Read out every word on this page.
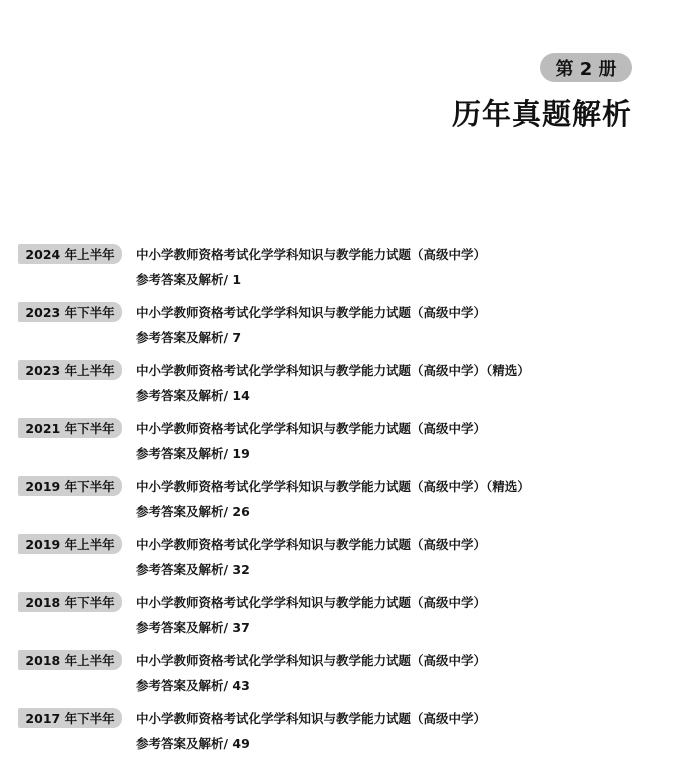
第 2 册
历年真题解析
2024 年上半年	中小学教师资格考试化学学科知识与教学能力试题（高级中学）
参考答案及解析/ 1
2023 年下半年	中小学教师资格考试化学学科知识与教学能力试题（高级中学）
参考答案及解析/ 7
2023 年上半年	中小学教师资格考试化学学科知识与教学能力试题（高级中学）（精选）
参考答案及解析/ 14
2021 年下半年	中小学教师资格考试化学学科知识与教学能力试题（高级中学）
参考答案及解析/ 19
2019 年下半年	中小学教师资格考试化学学科知识与教学能力试题（高级中学）（精选）
参考答案及解析/ 26
2019 年上半年	中小学教师资格考试化学学科知识与教学能力试题（高级中学）
参考答案及解析/ 32
2018 年下半年	中小学教师资格考试化学学科知识与教学能力试题（高级中学）
参考答案及解析/ 37
2018 年上半年	中小学教师资格考试化学学科知识与教学能力试题（高级中学）
参考答案及解析/ 43
2017 年下半年	中小学教师资格考试化学学科知识与教学能力试题（高级中学）
参考答案及解析/ 49
